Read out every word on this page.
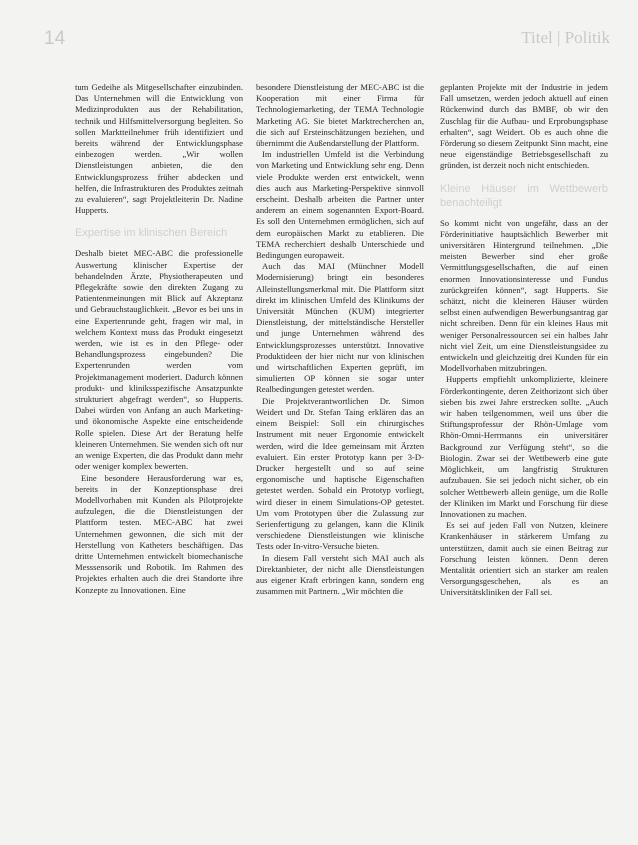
14	Titel | Politik

tum Gedeihe als Mitgesellschafter einzubinden. Das Unternehmen will die Entwicklung von Medizinprodukten aus der Rehabilitation, technik und Hilfsmittelversorgung begleiten. So sollen Marktteilnehmer früh identifiziert und bereits während der Entwicklungsphase einbezogen werden. „Wir wollen Dienstleistungen anbieten, die den Entwicklungsprozess früher abdecken und helfen, die Infrastrukturen des Produktes zeitnah zu evaluieren“, sagt Projektleiterin Dr. Nadine Hupperts.

Expertise im klinischen Bereich

Deshalb bietet MEC-ABC die professionelle Auswertung klinischer Expertise der behandelnden Ärzte, Physiotherapeuten und Pflegekräfte sowie den direkten Zugang zu Patientenmeinungen mit Blick auf Akzeptanz und Gebrauchstauglichkeit. „Bevor es bei uns in eine Expertenrunde geht, fragen wir mal, in welchem Kontext muss das Produkt eingesetzt werden, wie ist es in den Pflege- oder Behandlungsprozess eingebunden? Die Expertenrunden werden vom Projektmanagement moderiert. Dadurch können produkt- und kliniksspezifische Ansatzpunkte strukturiert abgefragt werden“, so Hupperts. Dabei würden von Anfang an auch Marketing- und ökonomische Aspekte eine entscheidende Rolle spielen. Diese Art der Beratung helfe kleineren Unternehmen. Sie wenden sich oft nur an wenige Experten, die das Produkt dann mehr oder weniger komplex bewerten.

Eine besondere Herausforderung war es, bereits in der Konzeptionsphase drei Modellvorhaben mit Kunden als Pilotprojekte aufzulegen, die die Dienstleistungen der Plattform testen. MEC-ABC hat zwei Unternehmen gewonnen, die sich mit der Herstellung von Katheters beschäftigen. Das dritte Unternehmen entwickelt biomechanische Messsensorik und Robotik. Im Rahmen des Projektes erhalten auch die drei Standorte ihre Konzepte zu Innovationen. Eine

besondere Dienstleistung der MEC-ABC ist die Kooperation mit einer Firma für Technologiemarketing, der TEMA Technologie Marketing AG. Sie bietet Marktrecherchen an, die sich auf Ersteinschätzungen beziehen, und übernimmt die Außendarstellung der Plattform.

Im industriellen Umfeld ist die Verbindung von Marketing und Entwicklung sehr eng. Denn viele Produkte werden erst entwickelt, wenn dies auch aus Marketing-Perspektive sinnvoll erscheint. Deshalb arbeiten die Partner unter anderem an einem sogenannten Export-Board. Es soll den Unternehmen ermöglichen, sich auf dem europäischen Markt zu etablieren. Die TEMA recherchiert deshalb Unterschiede und Bedingungen europaweit.

Auch das MAI (Münchner Modell Modernisierung) bringt ein besonderes Alleinstellungsmerkmal mit. Die Plattform sitzt direkt im klinischen Umfeld des Klinikums der Universität München (KUM) integrierter Dienstleistung, der mittelständische Hersteller und junge Unternehmen während des Entwicklungsprozesses unterstützt. Innovative Produktideen der hier nicht nur von klinischen und wirtschaftlichen Experten geprüft, im simulierten OP können sie sogar unter Realbedingungen getestet werden.

Die Projektverantwortlichen Dr. Simon Weidert und Dr. Stefan Taing erklären das an einem Beispiel: Soll ein chirurgisches Instrument mit neuer Ergonomie entwickelt werden, wird die Idee gemeinsam mit Ärzten evaluiert. Ein erster Prototyp kann per 3-D-Drucker hergestellt und so auf seine ergonomische und haptische Eigenschaften getestet werden. Sobald ein Prototyp vorliegt, wird dieser in einem Simulations-OP getestet. Um vom Prototypen über die Zulassung zur Serienfertigung zu gelangen, kann die Klinik verschiedene Dienstleistungen wie klinische Tests oder In-vitro-Versuche bieten.

In diesem Fall versteht sich MAI auch als Direktanbieter, der nicht alle Dienstleistungen aus eigener Kraft erbringen kann, sondern eng zusammen mit Partnern. „Wir möchten die

geplanten Projekte mit der Industrie in jedem Fall umsetzen, werden jedoch aktuell auf einen Rückenwind durch das BMBF, ob wir den Zuschlag für die Aufbau- und Erprobungsphase erhalten“, sagt Weidert. Ob es auch ohne die Förderung so diesem Zeitpunkt Sinn macht, eine neue eigenständige Betriebsgesellschaft zu gründen, ist derzeit noch nicht entschieden.

Kleine Häuser im Wettbewerb benachteiligt

So kommt nicht von ungefähr, dass an der Förderinitiative hauptsächlich Bewerber mit universitären Hintergrund teilnehmen. „Die meisten Bewerber sind eher große Vermittlungsgesellschaften, die auf einen enormen Innovationsinteresse und Fundus zurückgreifen können“, sagt Hupperts. Sie schätzt, nicht die kleineren Häuser würden selbst einen aufwendigen Bewerbungsantrag gar nicht schreiben. Denn für ein kleines Haus mit weniger Personalressourcen sei ein halbes Jahr nicht viel Zeit, um eine Dienstleistungsidee zu entwickeln und gleichzeitig drei Kunden für ein Modellvorhaben mitzubringen.

Hupperts empfiehlt unkomplizierte, kleinere Förderkontingente, deren Zeithorizont sich über sieben bis zwei Jahre erstrecken sollte. „Auch wir haben teilgenommen, weil uns über die Stiftungsprofessur der Rhön-Umlage vom Rhön-Omni-Herrmanns ein universitärer Background zur Verfügung steht“, so die Biologin. Zwar sei der Wettbewerb eine gute Möglichkeit, um langfristig Strukturen aufzubauen. Sie sei jedoch nicht sicher, ob ein solcher Wettbewerb allein genüge, um die Rolle der Kliniken im Markt und Forschung für diese Innovationen zu machen.

Es sei auf jeden Fall von Nutzen, kleinere Krankenhäuser in stärkerem Umfang zu unterstützen, damit auch sie einen Beitrag zur Forschung leisten können. Denn deren Mentalität orientiert sich an starker am realen Versorgungsgeschehen, als es an Universitätskliniken der Fall sei.
